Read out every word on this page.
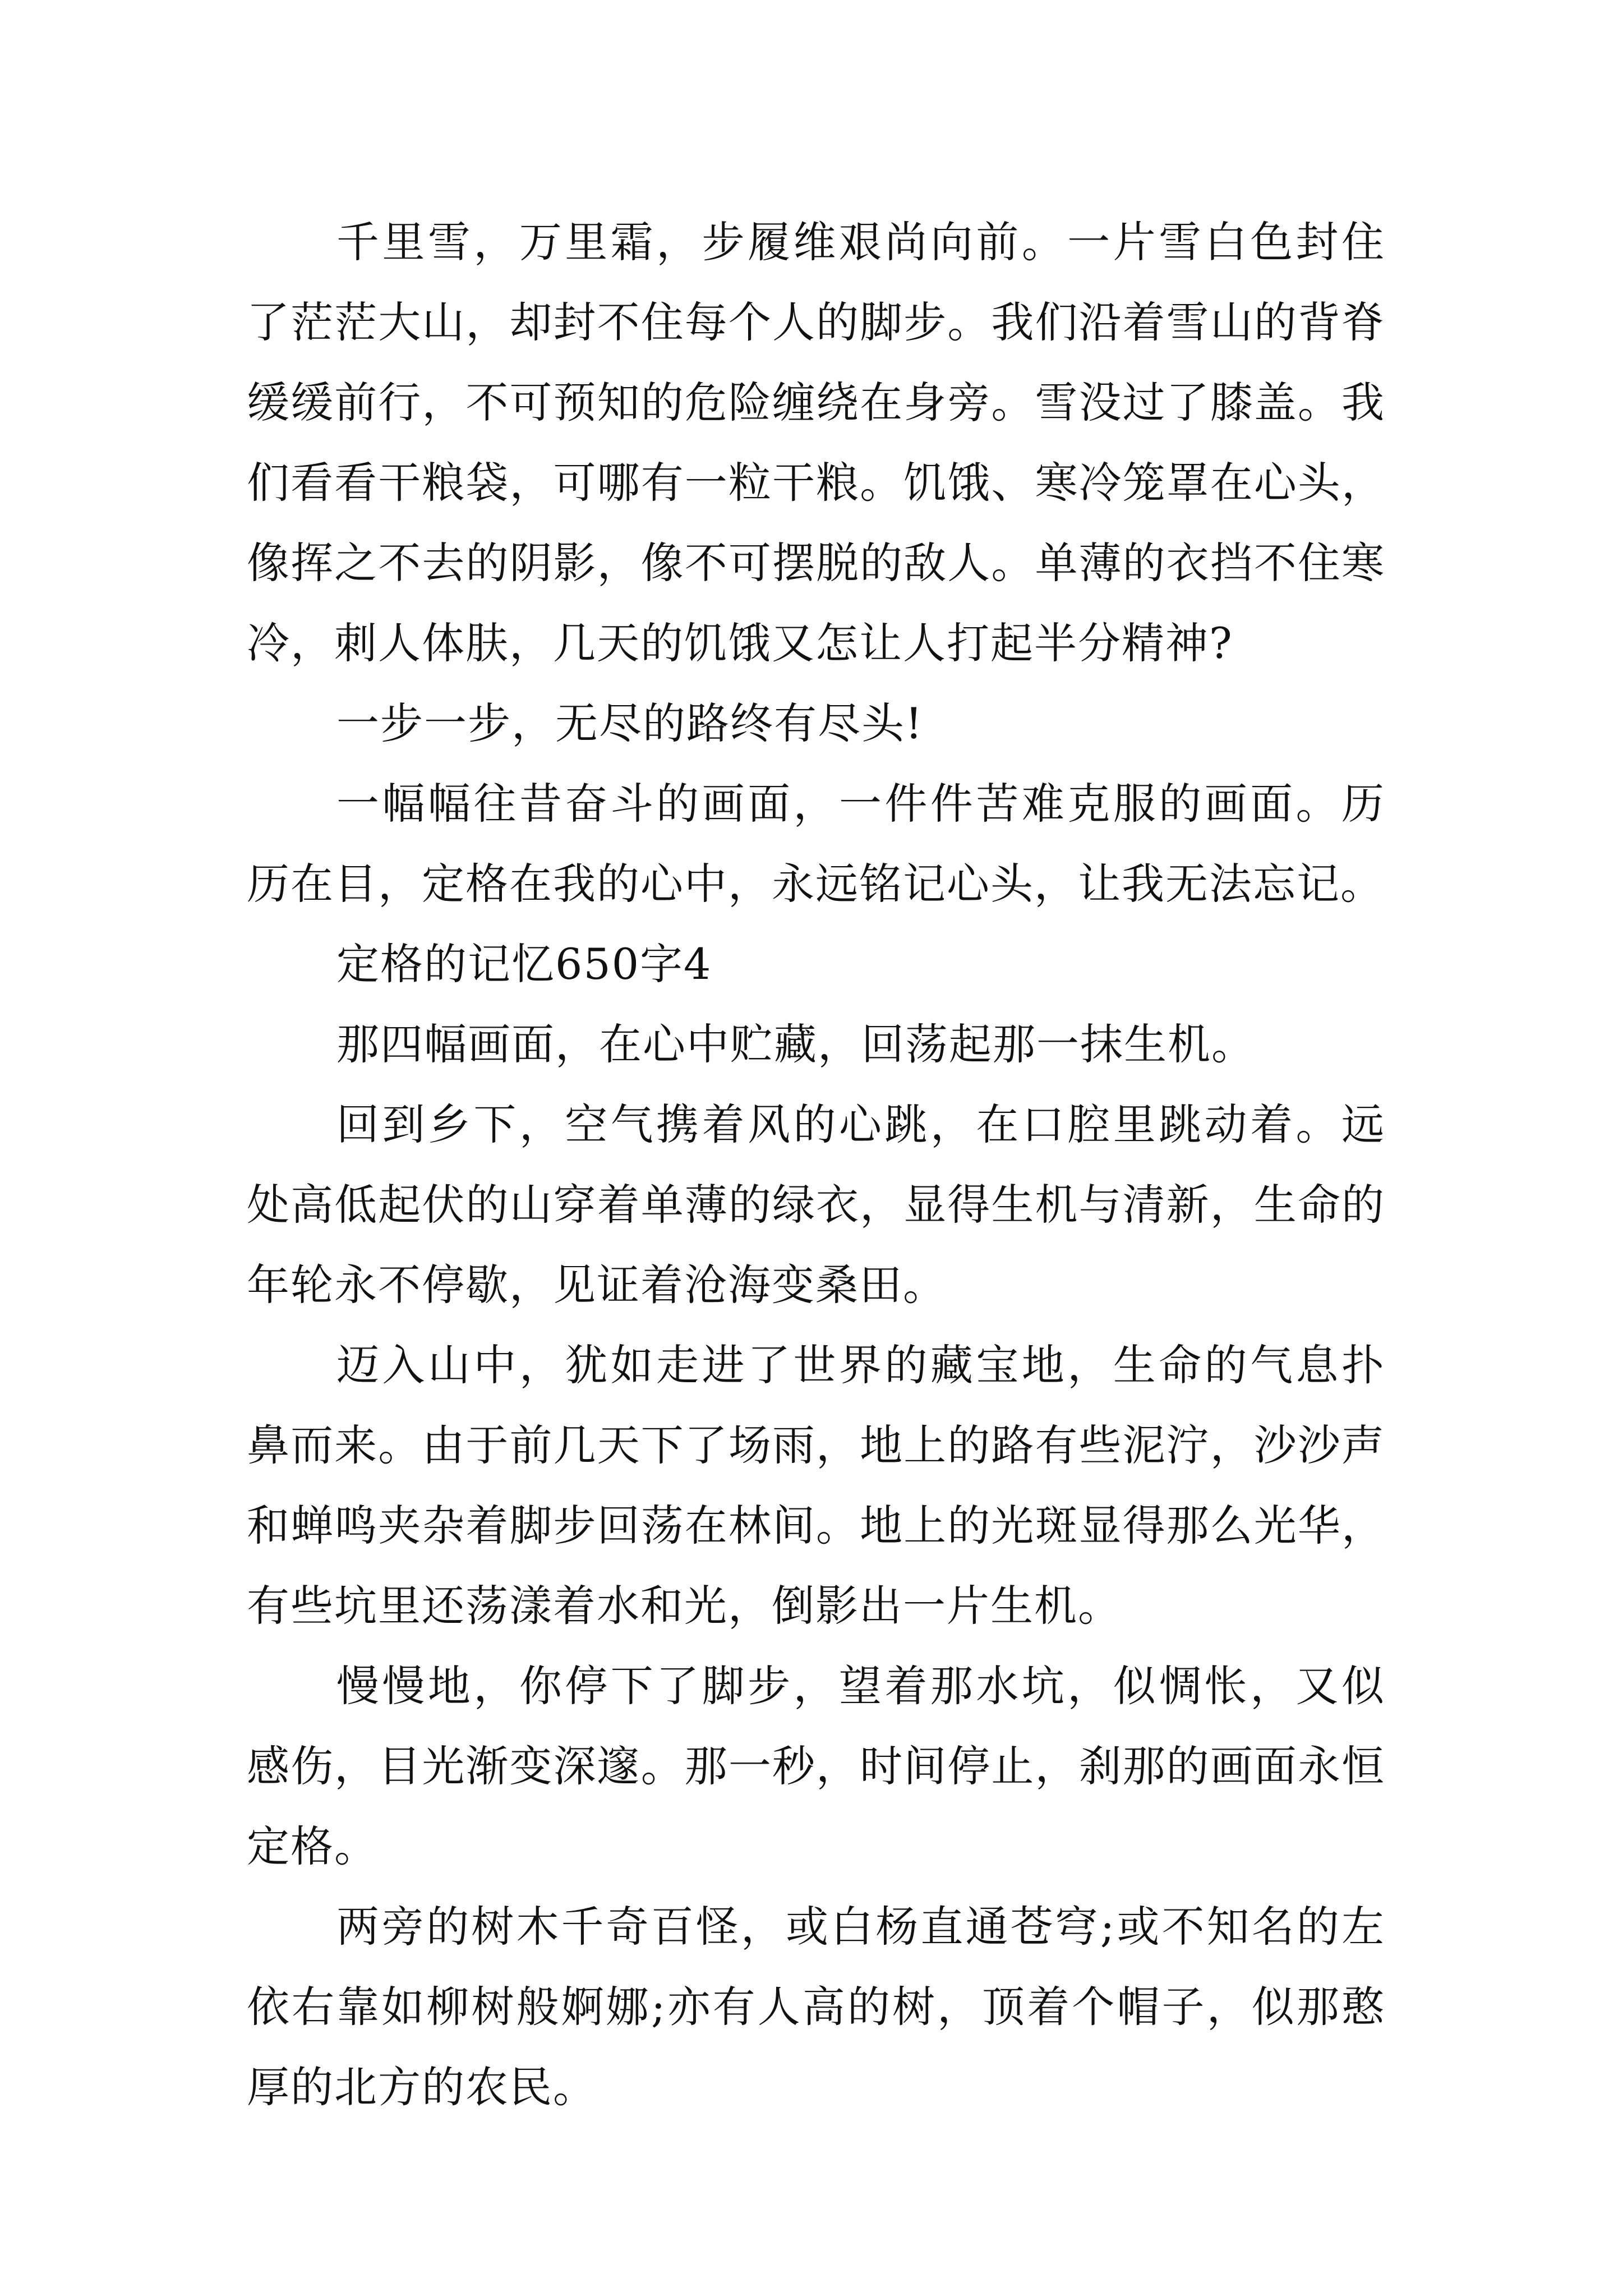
千里雪，万里霜，步履维艰尚向前。一片雪白色封住了茫茫大山，却封不住每个人的脚步。我们沿着雪山的背脊缓缓前行，不可预知的危险缠绕在身旁。雪没过了膝盖。我们看看干粮袋，可哪有一粒干粮。饥饿、寒冷笼罩在心头，像挥之不去的阴影，像不可摆脱的敌人。单薄的衣挡不住寒冷，刺人体肤，几天的饥饿又怎让人打起半分精神?

一步一步，无尽的路终有尽头!

一幅幅往昔奋斗的画面，一件件苦难克服的画面。历历在目，定格在我的心中，永远铭记心头，让我无法忘记。

定格的记忆650字4

那四幅画面，在心中贮藏，回荡起那一抹生机。

回到乡下，空气携着风的心跳，在口腔里跳动着。远处高低起伏的山穿着单薄的绿衣，显得生机与清新，生命的年轮永不停歇，见证着沧海变桑田。

迈入山中，犹如走进了世界的藏宝地，生命的气息扑鼻而来。由于前几天下了场雨，地上的路有些泥泞，沙沙声和蝉鸣夹杂着脚步回荡在林间。地上的光斑显得那么光华，有些坑里还荡漾着水和光，倒影出一片生机。

慢慢地，你停下了脚步，望着那水坑，似惆怅，又似感伤，目光渐变深邃。那一秒，时间停止，刹那的画面永恒定格。

两旁的树木千奇百怪，或白杨直通苍穹;或不知名的左依右靠如柳树般婀娜;亦有人高的树，顶着个帽子，似那憨厚的北方的农民。
